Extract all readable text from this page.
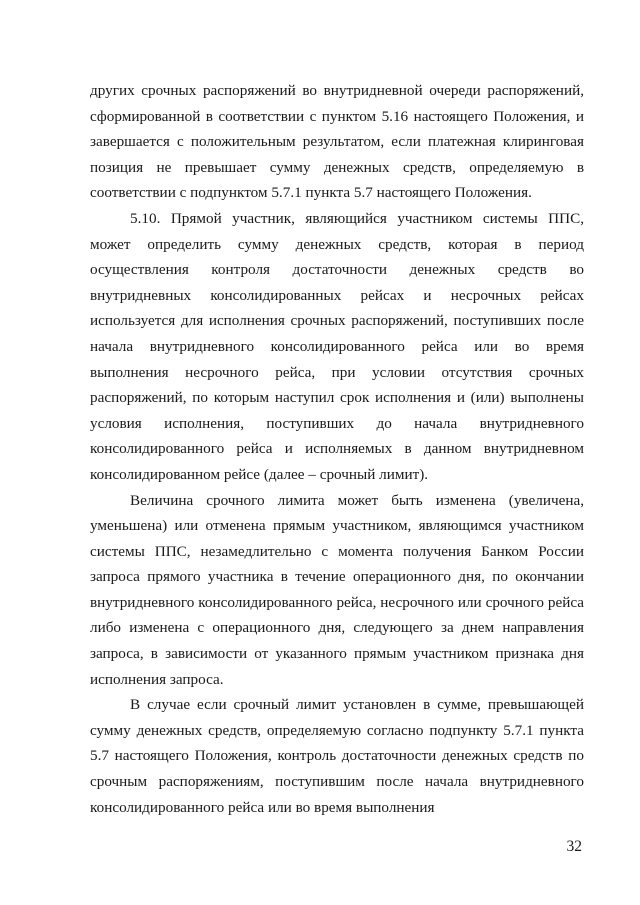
других срочных распоряжений во внутридневной очереди распоряжений, сформированной в соответствии с пунктом 5.16 настоящего Положения, и завершается с положительным результатом, если платежная клиринговая позиция не превышает сумму денежных средств, определяемую в соответствии с подпунктом 5.7.1 пункта 5.7 настоящего Положения.

5.10. Прямой участник, являющийся участником системы ППС, может определить сумму денежных средств, которая в период осуществления контроля достаточности денежных средств во внутридневных консолидированных рейсах и несрочных рейсах используется для исполнения срочных распоряжений, поступивших после начала внутридневного консолидированного рейса или во время выполнения несрочного рейса, при условии отсутствия срочных распоряжений, по которым наступил срок исполнения и (или) выполнены условия исполнения, поступивших до начала внутридневного консолидированного рейса и исполняемых в данном внутридневном консолидированном рейсе (далее – срочный лимит).

Величина срочного лимита может быть изменена (увеличена, уменьшена) или отменена прямым участником, являющимся участником системы ППС, незамедлительно с момента получения Банком России запроса прямого участника в течение операционного дня, по окончании внутридневного консолидированного рейса, несрочного или срочного рейса либо изменена с операционного дня, следующего за днем направления запроса, в зависимости от указанного прямым участником признака дня исполнения запроса.

В случае если срочный лимит установлен в сумме, превышающей сумму денежных средств, определяемую согласно подпункту 5.7.1 пункта 5.7 настоящего Положения, контроль достаточности денежных средств по срочным распоряжениям, поступившим после начала внутридневного консолидированного рейса или во время выполнения

32
